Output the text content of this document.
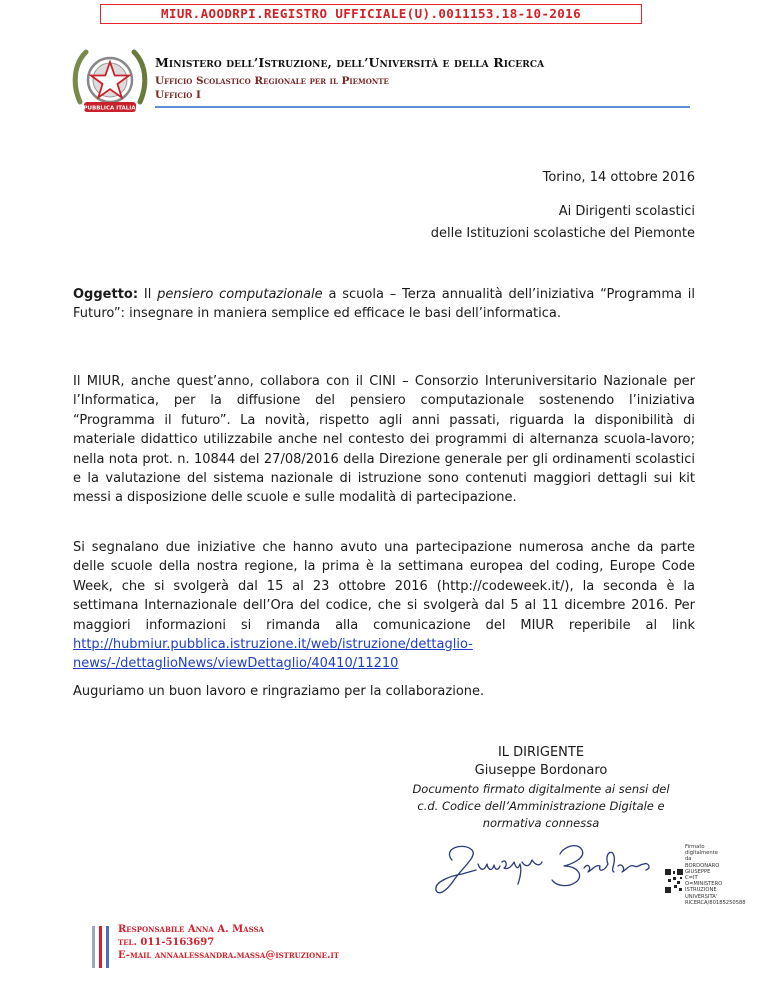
MIUR.AOODRPI.REGISTRO UFFICIALE(U).0011153.18-10-2016
REPUBBLICA ITALIANA
Ministero dell’Istruzione, dell’Università e della Ricerca
Ufficio Scolastico Regionale per il Piemonte
Ufficio I
Torino, 14 ottobre 2016
Ai Dirigenti scolastici
delle Istituzioni scolastiche del Piemonte
Oggetto: Il pensiero computazionale a scuola – Terza annualità dell’iniziativa “Programma il Futuro”: insegnare in maniera semplice ed efficace le basi dell’informatica.
Il MIUR, anche quest’anno, collabora con il CINI – Consorzio Interuniversitario Nazionale per l’Informatica, per la diffusione del pensiero computazionale sostenendo l’iniziativa “Programma il futuro”. La novità, rispetto agli anni passati, riguarda la disponibilità di materiale didattico utilizzabile anche nel contesto dei programmi di alternanza scuola-lavoro; nella nota prot. n. 10844 del 27/08/2016 della Direzione generale per gli ordinamenti scolastici e la valutazione del sistema nazionale di istruzione sono contenuti maggiori dettagli sui kit messi a disposizione delle scuole e sulle modalità di partecipazione.
Si segnalano due iniziative che hanno avuto una partecipazione numerosa anche da parte delle scuole della nostra regione, la prima è la settimana europea del coding, Europe Code Week, che si svolgerà dal 15 al 23 ottobre 2016 (http://codeweek.it/), la seconda è la settimana Internazionale dell’Ora del codice, che si svolgerà dal 5 al 11 dicembre 2016. Per maggiori informazioni si rimanda alla comunicazione del MIUR reperibile al link http://hubmiur.pubblica.istruzione.it/web/istruzione/dettaglio-news/-/dettaglioNews/viewDettaglio/40410/11210
Auguriamo un buon lavoro e ringraziamo per la collaborazione.
IL DIRIGENTE
Giuseppe Bordonaro
Documento firmato digitalmente ai sensi del
c.d. Codice dell’Amministrazione Digitale e
normativa connessa
Firmato digitalmente da BORDONARO GIUSEPPE C=IT O=MINISTERO ISTRUZIONE UNIVERSITA' RICERCA/80185250588
Responsabile Anna A. Massa
tel. 011-5163697
E-mail annaalessandra.massa@istruzione.it
